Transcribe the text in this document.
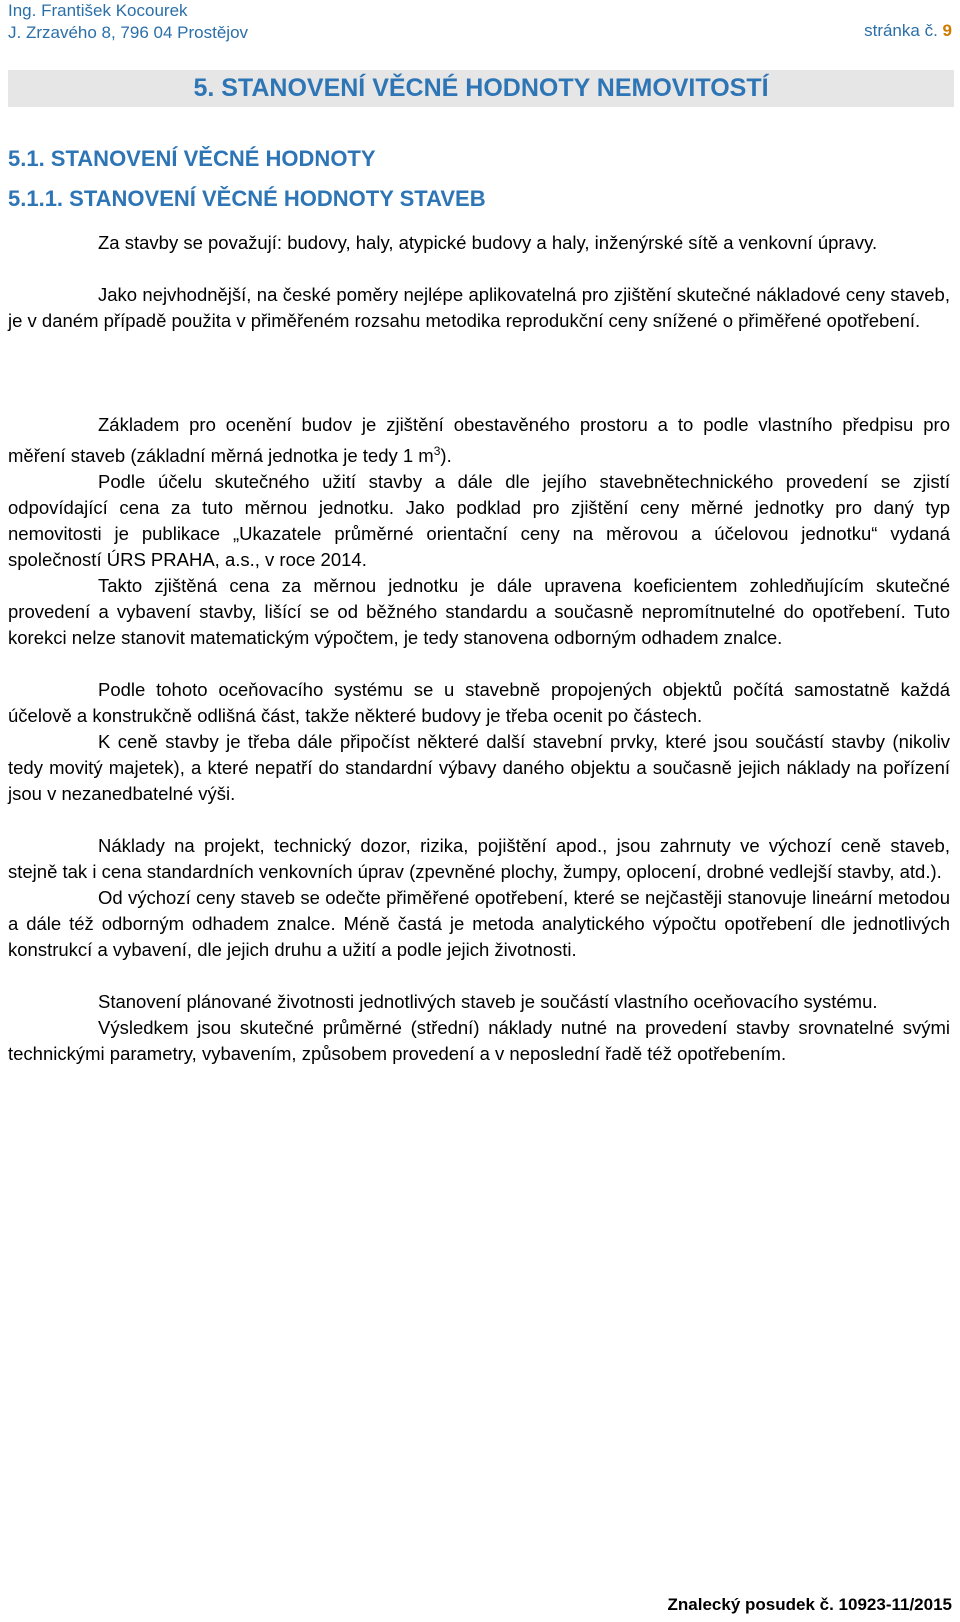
Ing. František Kocourek
J. Zrzavého 8, 796 04 Prostějov	stránka č. 9
5. STANOVENÍ VĚCNÉ HODNOTY NEMOVITOSTÍ
5.1. STANOVENÍ VĚCNÉ HODNOTY
5.1.1. STANOVENÍ VĚCNÉ HODNOTY STAVEB

Za stavby se považují: budovy, haly, atypické budovy a haly, inženýrské sítě a venkovní úpravy.

Jako nejvhodnější, na české poměry nejlépe aplikovatelná pro zjištění skutečné nákladové ceny staveb, je v daném případě použita v přiměřeném rozsahu metodika reprodukční ceny snížené o přiměřené opotřebení.

Základem pro ocenění budov je zjištění obestavěného prostoru a to podle vlastního předpisu pro měření staveb (základní měrná jednotka je tedy 1 $m^3$).

Podle účelu skutečného užití stavby a dále dle jejího stavebnětechnického provedení se zjistí odpovídající cena za tuto měrnou jednotku. Jako podklad pro zjištění ceny měrné jednotky pro daný typ nemovitosti je publikace „Ukazatele průměrné orientační ceny na měrovou a účelovou jednotku“ vydaná společností ÚRS PRAHA, a.s., v roce 2014.

Takto zjištěná cena za měrnou jednotku je dále upravena koeficientem zohledňujícím skutečné provedení a vybavení stavby, lišící se od běžného standardu a současně nepromítnutelné do opotřebení. Tuto korekci nelze stanovit matematickým výpočtem, je tedy stanovena odborným odhadem znalce.

Podle tohoto oceňovacího systému se u stavebně propojených objektů počítá samostatně každá účelově a konstrukčně odlišná část, takže některé budovy je třeba ocenit po částech.

K ceně stavby je třeba dále připočíst některé další stavební prvky, které jsou součástí stavby (nikoliv tedy movitý majetek), a které nepatří do standardní výbavy daného objektu a současně jejich náklady na pořízení jsou v nezanedbatelné výši.

Náklady na projekt, technický dozor, rizika, pojištění apod., jsou zahrnuty ve výchozí ceně staveb, stejně tak i cena standardních venkovních úprav (zpevněné plochy, žumpy, oplocení, drobné vedlejší stavby, atd.).

Od výchozí ceny staveb se odečte přiměřené opotřebení, které se nejčastěji stanovuje lineární metodou a dále též odborným odhadem znalce. Méně častá je metoda analytického výpočtu opotřebení dle jednotlivých konstrukcí a vybavení, dle jejich druhu a užití a podle jejich životnosti.

Stanovení plánované životnosti jednotlivých staveb je součástí vlastního oceňovacího systému.

Výsledkem jsou skutečné průměrné (střední) náklady nutné na provedení stavby srovnatelné svými technickými parametry, vybavením, způsobem provedení a v neposlední řadě též opotřebením.

Znalecký posudek č. 10923-11/2015
